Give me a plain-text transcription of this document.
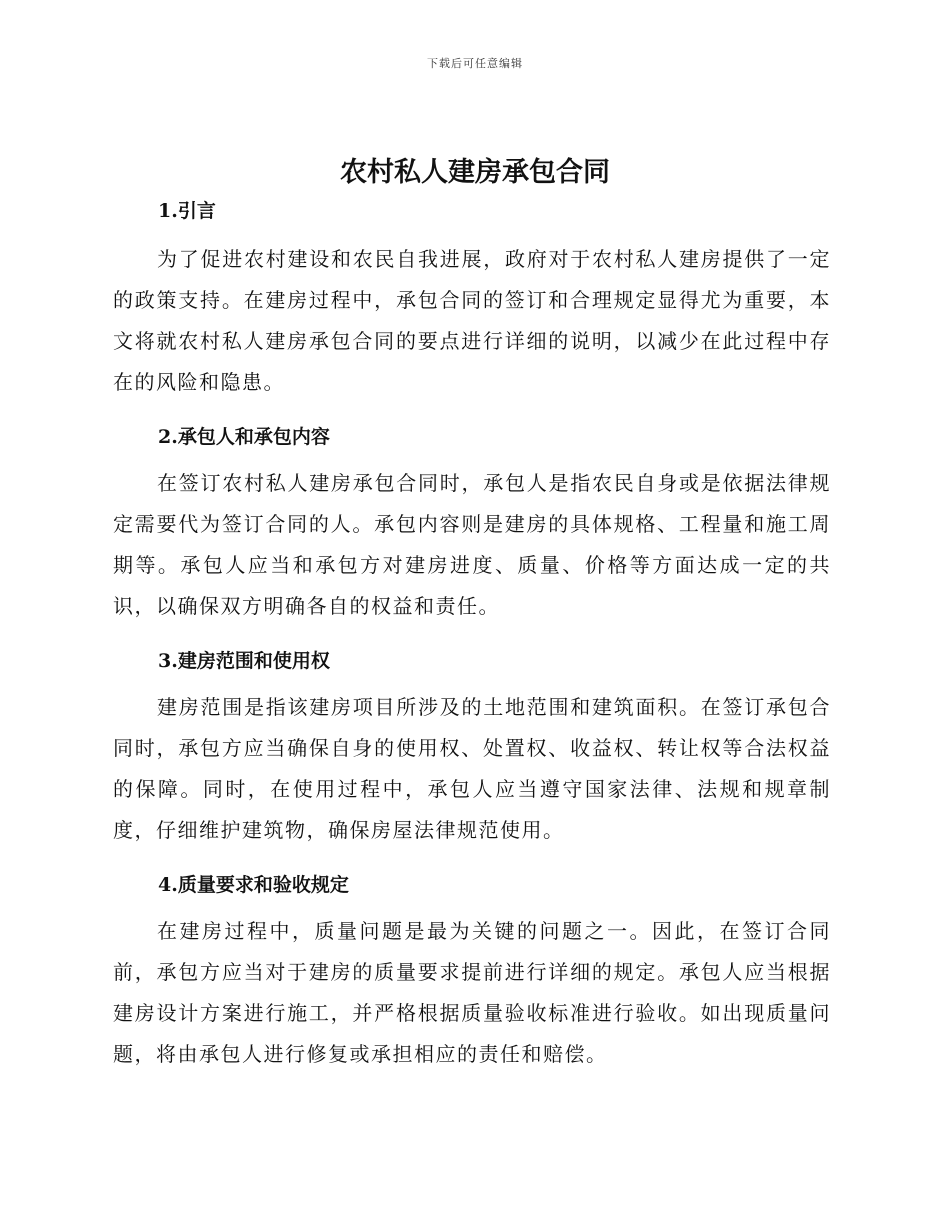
下载后可任意编辑
农村私人建房承包合同
1.引言

为了促进农村建设和农民自我进展，政府对于农村私人建房提供了一定的政策支持。在建房过程中，承包合同的签订和合理规定显得尤为重要，本文将就农村私人建房承包合同的要点进行详细的说明，以减少在此过程中存在的风险和隐患。

2.承包人和承包内容

在签订农村私人建房承包合同时，承包人是指农民自身或是依据法律规定需要代为签订合同的人。承包内容则是建房的具体规格、工程量和施工周期等。承包人应当和承包方对建房进度、质量、价格等方面达成一定的共识，以确保双方明确各自的权益和责任。

3.建房范围和使用权

建房范围是指该建房项目所涉及的土地范围和建筑面积。在签订承包合同时，承包方应当确保自身的使用权、处置权、收益权、转让权等合法权益的保障。同时，在使用过程中，承包人应当遵守国家法律、法规和规章制度，仔细维护建筑物，确保房屋法律规范使用。

4.质量要求和验收规定

在建房过程中，质量问题是最为关键的问题之一。因此，在签订合同前，承包方应当对于建房的质量要求提前进行详细的规定。承包人应当根据建房设计方案进行施工，并严格根据质量验收标准进行验收。如出现质量问题，将由承包人进行修复或承担相应的责任和赔偿。
